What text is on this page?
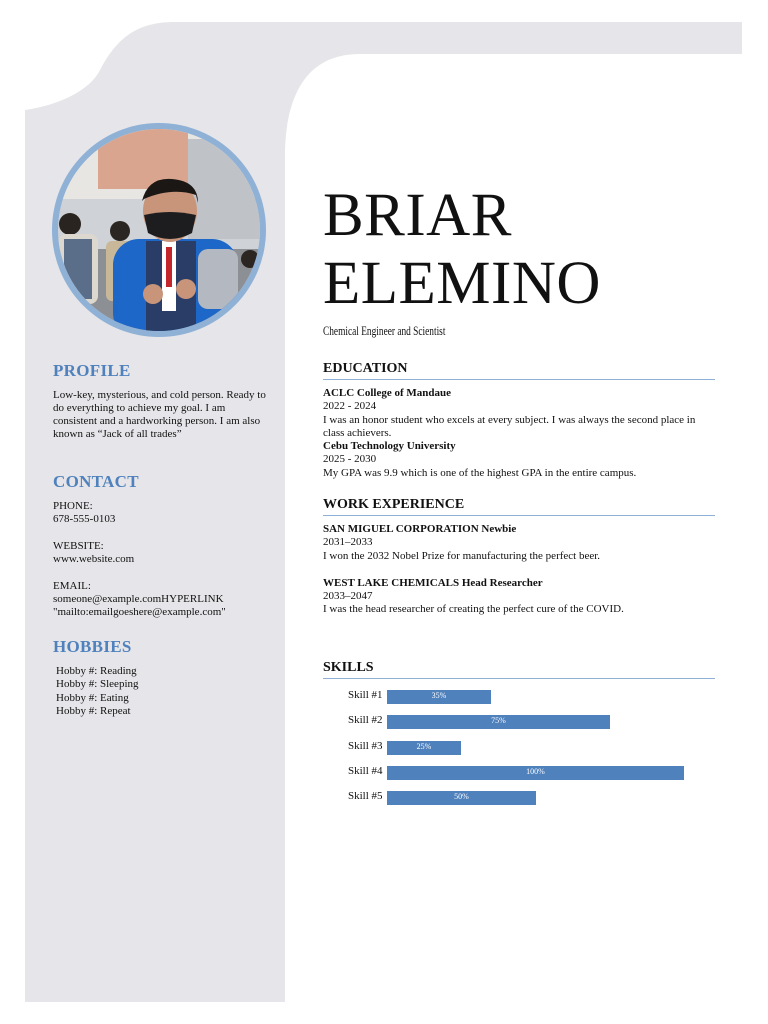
PROFILE

Low-key, mysterious, and cold person. Ready to do everything to achieve my goal. I am consistent and a hardworking person. I am also known as “Jack of all trades”

CONTACT

PHONE:

678-555-0103

WEBSITE:

www.website.com

EMAIL:

someone@example.comHYPERLINK

"mailto:emailgoeshere@example.com"

HOBBIES
Hobby #: Reading
Hobby #: Sleeping
Hobby #: Eating
Hobby #: Repeat
BRIAR
ELEMINO
Chemical Engineer and Scientist
EDUCATION

ACLC College of Mandaue

2022 - 2024

I was an honor student who excels at every subject. I was always the second place in class achievers.

Cebu Technology University

2025 - 2030

My GPA was 9.9 which is one of the highest GPA in the entire campus.

WORK EXPERIENCE

SAN MIGUEL CORPORATION Newbie

2031–2033

I won the 2032 Nobel Prize for manufacturing the perfect beer.

WEST LAKE CHEMICALS Head Researcher

2033–2047

I was the head researcher of creating the perfect cure of the COVID.

SKILLS
Skill #1	35%
Skill #2	75%
Skill #3	25%
Skill #4	100%
Skill #5	50%
